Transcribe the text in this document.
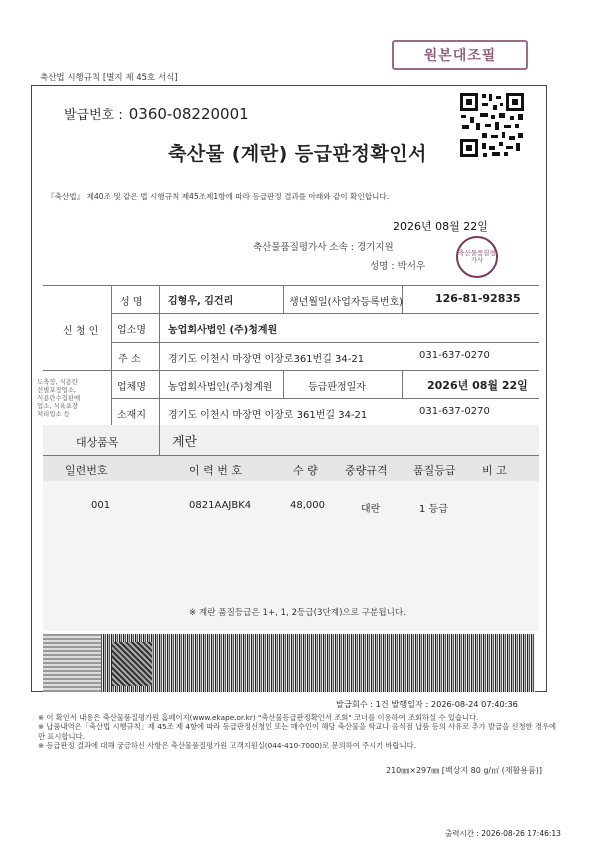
원본대조필
축산법 시행규칙 [별지 제 45호 서식]
발급번호 : 0360-08220001
축산물 (계란) 등급판정확인서
『축산법』 제40조 및 같은 법 시행규칙 제45조제1항에 따라 등급판정 결과를 아래와 같이 확인합니다.
2026년 08월 22일
축산물품질평가사 소속 : 경기지원
성명 : 박서우
축산물품질평가사
신 청 인
성 명	김형우, 김건리	생년월일(사업자등록번호)	126-81-92835
업소명 농업회사법인 (주)청계원
주 소	경기도 이천시 마장면 이장로361번길 34-21	031-637-0270
도축장, 식용란선별포장업소, 식용란수집판매업소, 식육포장처리업소 등
업체명 농업회사법인(주)청계원	등급판정일자	2026년 08월 22일
소재지 경기도 이천시 마장면 이장로 361번길 34-21	031-637-0270
대상품목	계란
일련번호	이 력 번 호	수 량 중량규격 품질등급 비 고
001	0821AAJBK4	48,000	대란	1 등급
※ 계란 품질등급은 1+, 1, 2등급(3단계)으로 구분됩니다.
발급회수 : 1건 발행일자 : 2026-08-24 07:40:36
※ 이 확인서 내용은 축산물품질평가원 홈페이지(www.ekape.or.kr) "축산물등급판정확인서 조회" 코너를 이용하여 조회하실 수 있습니다.
※ 납품내역은「축산법 시행규칙」제 45조 제 4항에 따라 등급판정신청인 또는 매수인이 해당 축산물을 학교나 음식점 납품 등의 사유로 추가 발급을 신청한 경우에만 표시합니다.
※ 등급판정 결과에 대해 궁금하신 사항은 축산물품질평가원 고객지원실(044-410-7000)로 문의하여 주시기 바랍니다.
210㎜×297㎜ [백상지 80 g/㎡ (재활용품)]
출력시간 : 2026-08-26 17:46:13
